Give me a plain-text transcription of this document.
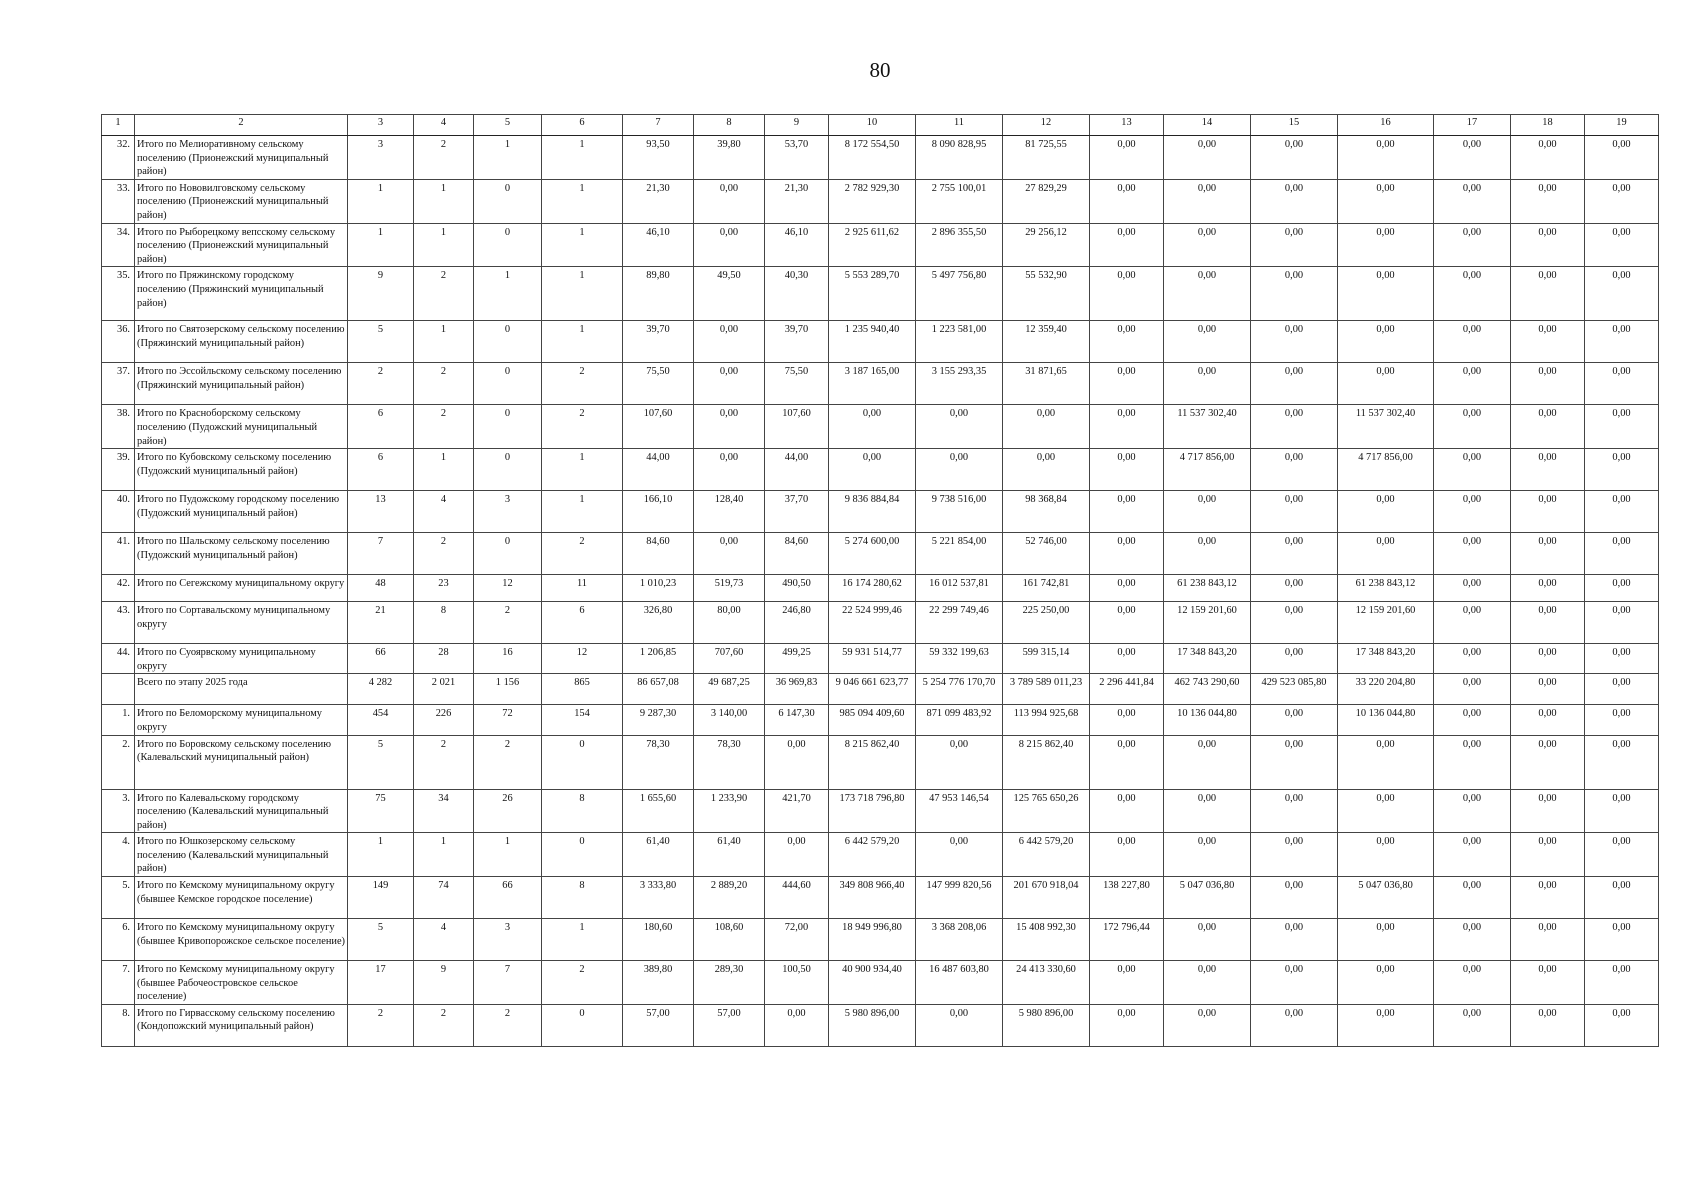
80
1	2	3	4	5	6	7	8	9	10	11	12	13	14	15	16	17	18	19
32.	Итого по Мелиоративному сельскому поселению (Прионежский муниципальный район)	3	2	1	1	93,50	39,80	53,70	8 172 554,50	8 090 828,95	81 725,55	0,00	0,00	0,00	0,00	0,00	0,00	0,00
33.	Итого по Нововилговскому сельскому поселению (Прионежский муниципальный район)	1	1	0	1	21,30	0,00	21,30	2 782 929,30	2 755 100,01	27 829,29	0,00	0,00	0,00	0,00	0,00	0,00	0,00
34.	Итого по Рыборецкому вепсскому сельскому поселению (Прионежский муниципальный район)	1	1	0	1	46,10	0,00	46,10	2 925 611,62	2 896 355,50	29 256,12	0,00	0,00	0,00	0,00	0,00	0,00	0,00
35.	Итого по Пряжинскому городскому поселению (Пряжинский муниципальный район)	9	2	1	1	89,80	49,50	40,30	5 553 289,70	5 497 756,80	55 532,90	0,00	0,00	0,00	0,00	0,00	0,00	0,00
36.	Итого по Святозерскому сельскому поселению (Пряжинский муниципальный район)	5	1	0	1	39,70	0,00	39,70	1 235 940,40	1 223 581,00	12 359,40	0,00	0,00	0,00	0,00	0,00	0,00	0,00
37.	Итого по Эссойльскому сельскому поселению (Пряжинский муниципальный район)	2	2	0	2	75,50	0,00	75,50	3 187 165,00	3 155 293,35	31 871,65	0,00	0,00	0,00	0,00	0,00	0,00	0,00
38.	Итого по Красноборскому сельскому поселению (Пудожский муниципальный район)	6	2	0	2	107,60	0,00	107,60	0,00	0,00	0,00	0,00	11 537 302,40	0,00	11 537 302,40	0,00	0,00	0,00
39.	Итого по Кубовскому сельскому поселению (Пудожский муниципальный район)	6	1	0	1	44,00	0,00	44,00	0,00	0,00	0,00	0,00	4 717 856,00	0,00	4 717 856,00	0,00	0,00	0,00
40.	Итого по Пудожскому городскому поселению (Пудожский муниципальный район)	13	4	3	1	166,10	128,40	37,70	9 836 884,84	9 738 516,00	98 368,84	0,00	0,00	0,00	0,00	0,00	0,00	0,00
41.	Итого по Шальскому сельскому поселению (Пудожский муниципальный район)	7	2	0	2	84,60	0,00	84,60	5 274 600,00	5 221 854,00	52 746,00	0,00	0,00	0,00	0,00	0,00	0,00	0,00
42.	Итого по Сегежскому муниципальному округу	48	23	12	11	1 010,23	519,73	490,50	16 174 280,62	16 012 537,81	161 742,81	0,00	61 238 843,12	0,00	61 238 843,12	0,00	0,00	0,00
43.	Итого по Сортавальскому муниципальному округу	21	8	2	6	326,80	80,00	246,80	22 524 999,46	22 299 749,46	225 250,00	0,00	12 159 201,60	0,00	12 159 201,60	0,00	0,00	0,00
44.	Итого по Суоярвскому муниципальному округу	66	28	16	12	1 206,85	707,60	499,25	59 931 514,77	59 332 199,63	599 315,14	0,00	17 348 843,20	0,00	17 348 843,20	0,00	0,00	0,00
	Всего по этапу 2025 года	4 282	2 021	1 156	865	86 657,08	49 687,25	36 969,83	9 046 661 623,77	5 254 776 170,70	3 789 589 011,23	2 296 441,84	462 743 290,60	429 523 085,80	33 220 204,80	0,00	0,00	0,00
1.	Итого по Беломорскому муниципальному округу	454	226	72	154	9 287,30	3 140,00	6 147,30	985 094 409,60	871 099 483,92	113 994 925,68	0,00	10 136 044,80	0,00	10 136 044,80	0,00	0,00	0,00
2.	Итого по Боровскому сельскому поселению (Калевальский муниципальный район)	5	2	2	0	78,30	78,30	0,00	8 215 862,40	0,00	8 215 862,40	0,00	0,00	0,00	0,00	0,00	0,00	0,00
3.	Итого по Калевальскому городскому поселению (Калевальский муниципальный район)	75	34	26	8	1 655,60	1 233,90	421,70	173 718 796,80	47 953 146,54	125 765 650,26	0,00	0,00	0,00	0,00	0,00	0,00	0,00
4.	Итого по Юшкозерскому сельскому поселению (Калевальский муниципальный район)	1	1	1	0	61,40	61,40	0,00	6 442 579,20	0,00	6 442 579,20	0,00	0,00	0,00	0,00	0,00	0,00	0,00
5.	Итого по Кемскому муниципальному округу (бывшее Кемское городское поселение)	149	74	66	8	3 333,80	2 889,20	444,60	349 808 966,40	147 999 820,56	201 670 918,04	138 227,80	5 047 036,80	0,00	5 047 036,80	0,00	0,00	0,00
6.	Итого по Кемскому муниципальному округу (бывшее Кривопорожское сельское поселение)	5	4	3	1	180,60	108,60	72,00	18 949 996,80	3 368 208,06	15 408 992,30	172 796,44	0,00	0,00	0,00	0,00	0,00	0,00
7.	Итого по Кемскому муниципальному округу (бывшее Рабочеостровское сельское поселение)	17	9	7	2	389,80	289,30	100,50	40 900 934,40	16 487 603,80	24 413 330,60	0,00	0,00	0,00	0,00	0,00	0,00	0,00
8.	Итого по Гирвасскому сельскому поселению (Кондопожский муниципальный район)	2	2	2	0	57,00	57,00	0,00	5 980 896,00	0,00	5 980 896,00	0,00	0,00	0,00	0,00	0,00	0,00	0,00
